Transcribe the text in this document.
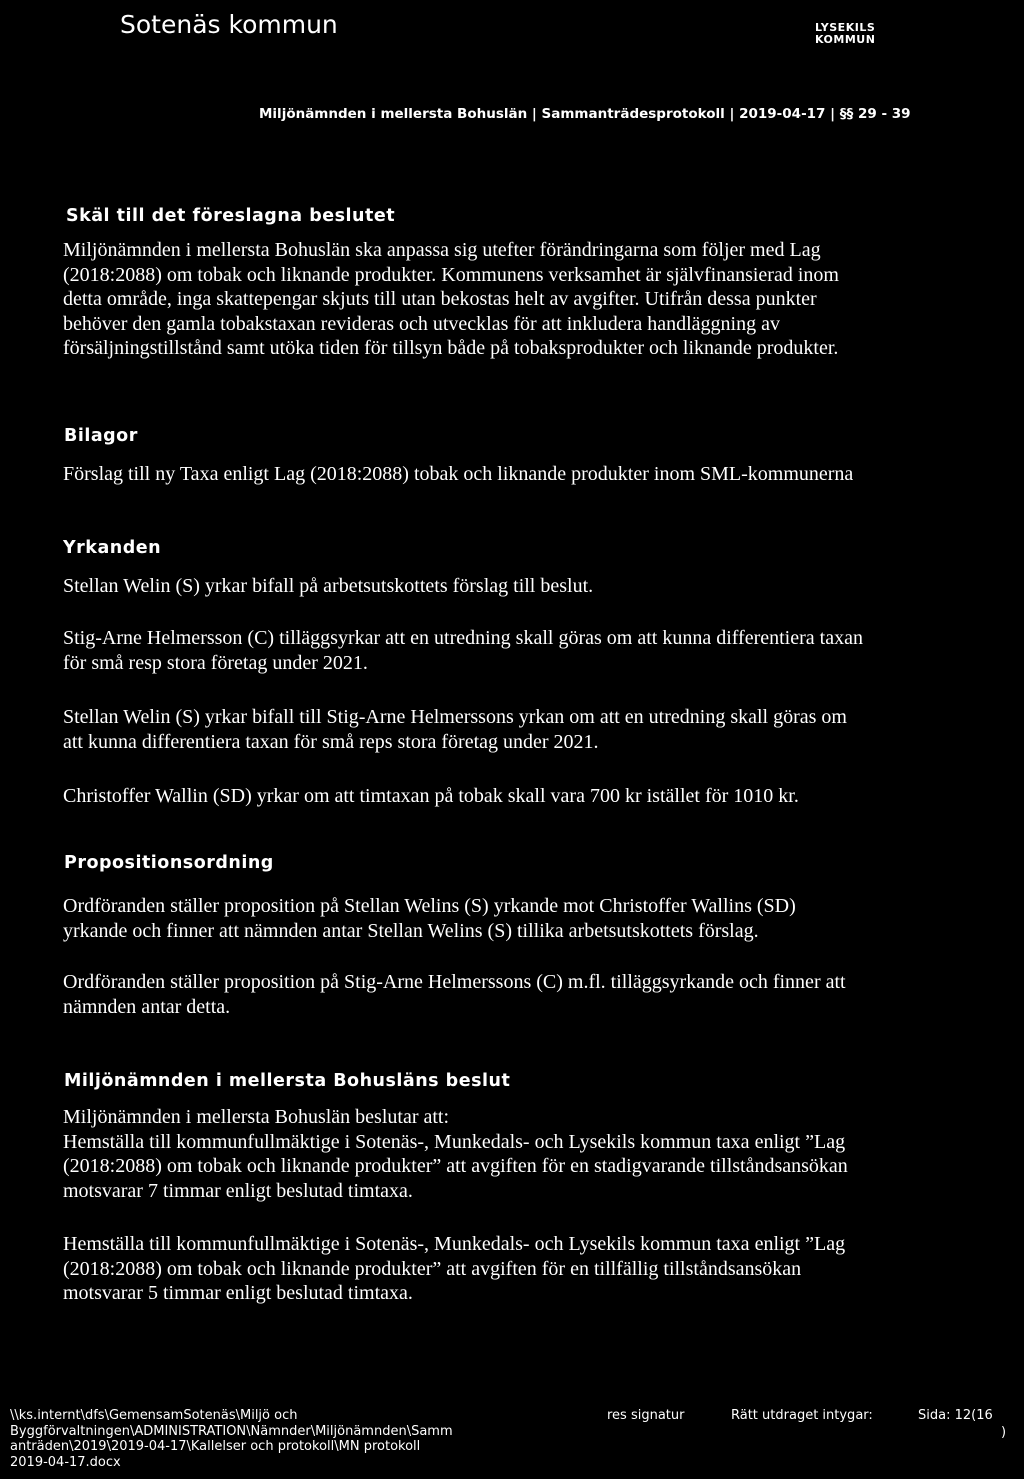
Sotenäs kommun	LYSEKILS
KOMMUN
Miljönämnden i mellersta Bohuslän | Sammanträdesprotokoll | 2019-04-17 | §§ 29 - 39
Skäl till det föreslagna beslutet

Miljönämnden i mellersta Bohuslän ska anpassa sig utefter förändringarna som följer med Lag
(2018:2088) om tobak och liknande produkter. Kommunens verksamhet är självfinansierad inom
detta område, inga skattepengar skjuts till utan bekostas helt av avgifter. Utifrån dessa punkter
behöver den gamla tobakstaxan revideras och utvecklas för att inkludera handläggning av
försäljningstillstånd samt utöka tiden för tillsyn både på tobaksprodukter och liknande produkter.

Bilagor

Förslag till ny Taxa enligt Lag (2018:2088) tobak och liknande produkter inom SML-kommunerna

Yrkanden

Stellan Welin (S) yrkar bifall på arbetsutskottets förslag till beslut.

Stig-Arne Helmersson (C) tilläggsyrkar att en utredning skall göras om att kunna differentiera taxan
för små resp stora företag under 2021.

Stellan Welin (S) yrkar bifall till Stig-Arne Helmerssons yrkan om att en utredning skall göras om
att kunna differentiera taxan för små reps stora företag under 2021.

Christoffer Wallin (SD) yrkar om att timtaxan på tobak skall vara 700 kr istället för 1010 kr.

Propositionsordning

Ordföranden ställer proposition på Stellan Welins (S) yrkande mot Christoffer Wallins (SD)
yrkande och finner att nämnden antar Stellan Welins (S) tillika arbetsutskottets förslag.

Ordföranden ställer proposition på Stig-Arne Helmerssons (C) m.fl. tilläggsyrkande och finner att
nämnden antar detta.

Miljönämnden i mellersta Bohusläns beslut

Miljönämnden i mellersta Bohuslän beslutar att:
Hemställa till kommunfullmäktige i Sotenäs-, Munkedals- och Lysekils kommun taxa enligt ”Lag
(2018:2088) om tobak och liknande produkter” att avgiften för en stadigvarande tillståndsansökan
motsvarar 7 timmar enligt beslutad timtaxa.

Hemställa till kommunfullmäktige i Sotenäs-, Munkedals- och Lysekils kommun taxa enligt ”Lag
(2018:2088) om tobak och liknande produkter” att avgiften för en tillfällig tillståndsansökan
motsvarar 5 timmar enligt beslutad timtaxa.

\\ks.internt\dfs\GemensamSotenäs\Miljö och
Byggförvaltningen\ADMINISTRATION\Nämnder\Miljönämnden\Samm
anträden\2019\2019-04-17\Kallelser och protokoll\MN protokoll
2019-04-17.docx
res signatur	Rätt utdraget intygar:	Sida: 12(16
)
